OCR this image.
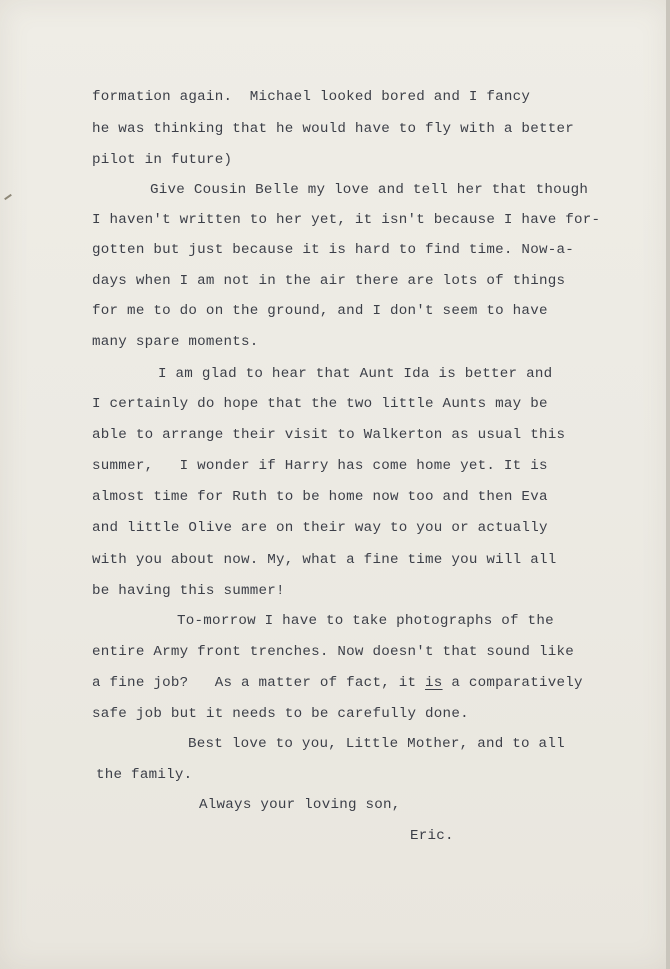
formation again.  Michael looked bored and I fancy
he was thinking that he would have to fly with a better
pilot in future)
Give Cousin Belle my love and tell her that though
I haven't written to her yet, it isn't because I have for-
gotten but just because it is hard to find time. Now-a-
days when I am not in the air there are lots of things
for me to do on the ground, and I don't seem to have
many spare moments.
I am glad to hear that Aunt Ida is better and
I certainly do hope that the two little Aunts may be
able to arrange their visit to Walkerton as usual this
summer,   I wonder if Harry has come home yet. It is
almost time for Ruth to be home now too and then Eva
and little Olive are on their way to you or actually
with you about now. My, what a fine time you will all
be having this summer!
To-morrow I have to take photographs of the
entire Army front trenches. Now doesn't that sound like
a fine job?   As a matter of fact, it is a comparatively
safe job but it needs to be carefully done.
Best love to you, Little Mother, and to all
the family.
Always your loving son,
Eric.
